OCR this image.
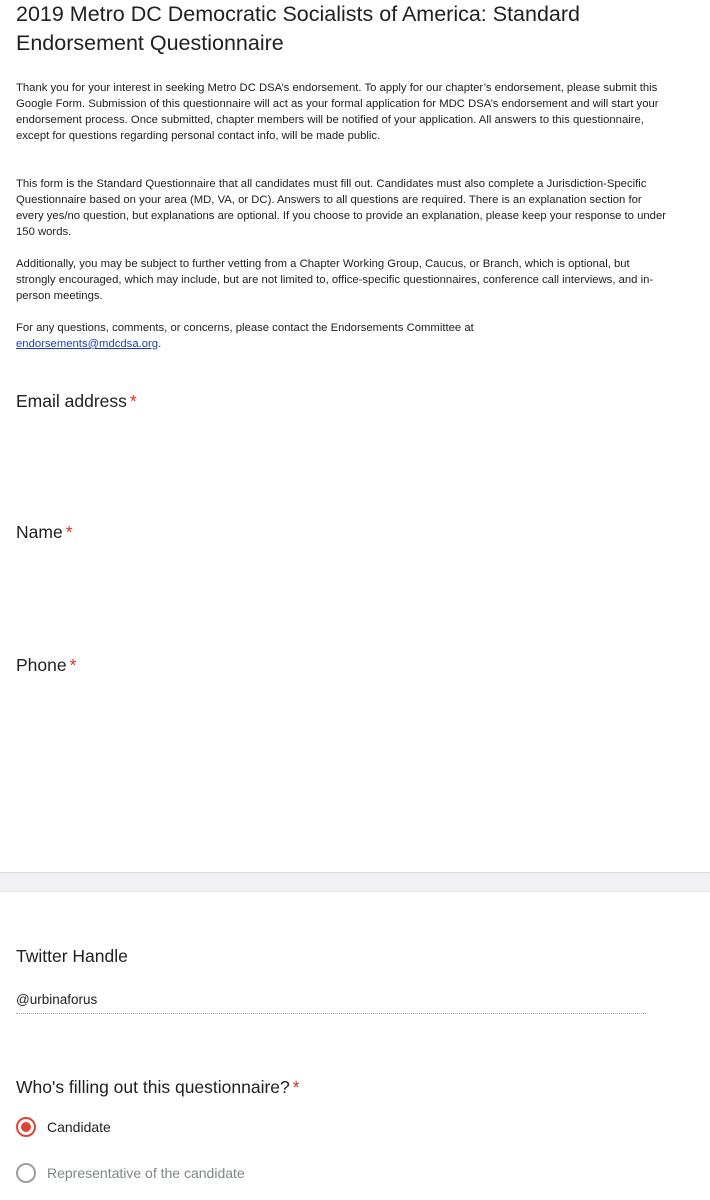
2019 Metro DC Democratic Socialists of America: Standard Endorsement Questionnaire

Thank you for your interest in seeking Metro DC DSA’s endorsement. To apply for our chapter’s endorsement, please submit this Google Form. Submission of this questionnaire will act as your formal application for MDC DSA’s endorsement and will start your endorsement process. Once submitted, chapter members will be notified of your application. All answers to this questionnaire, except for questions regarding personal contact info, will be made public.

This form is the Standard Questionnaire that all candidates must fill out. Candidates must also complete a Jurisdiction-Specific Questionnaire based on your area (MD, VA, or DC). Answers to all questions are required. There is an explanation section for every yes/no question, but explanations are optional. If you choose to provide an explanation, please keep your response to under 150 words.

Additionally, you may be subject to further vetting from a Chapter Working Group, Caucus, or Branch, which is optional, but strongly encouraged, which may include, but are not limited to, office-specific questionnaires, conference call interviews, and in-person meetings.

For any questions, comments, or concerns, please contact the Endorsements Committee at
endorsements@mdcdsa.org.

Email address *
Name *
Phone *
Twitter Handle
@urbinaforus
Who's filling out this questionnaire? *
Candidate
Representative of the candidate
